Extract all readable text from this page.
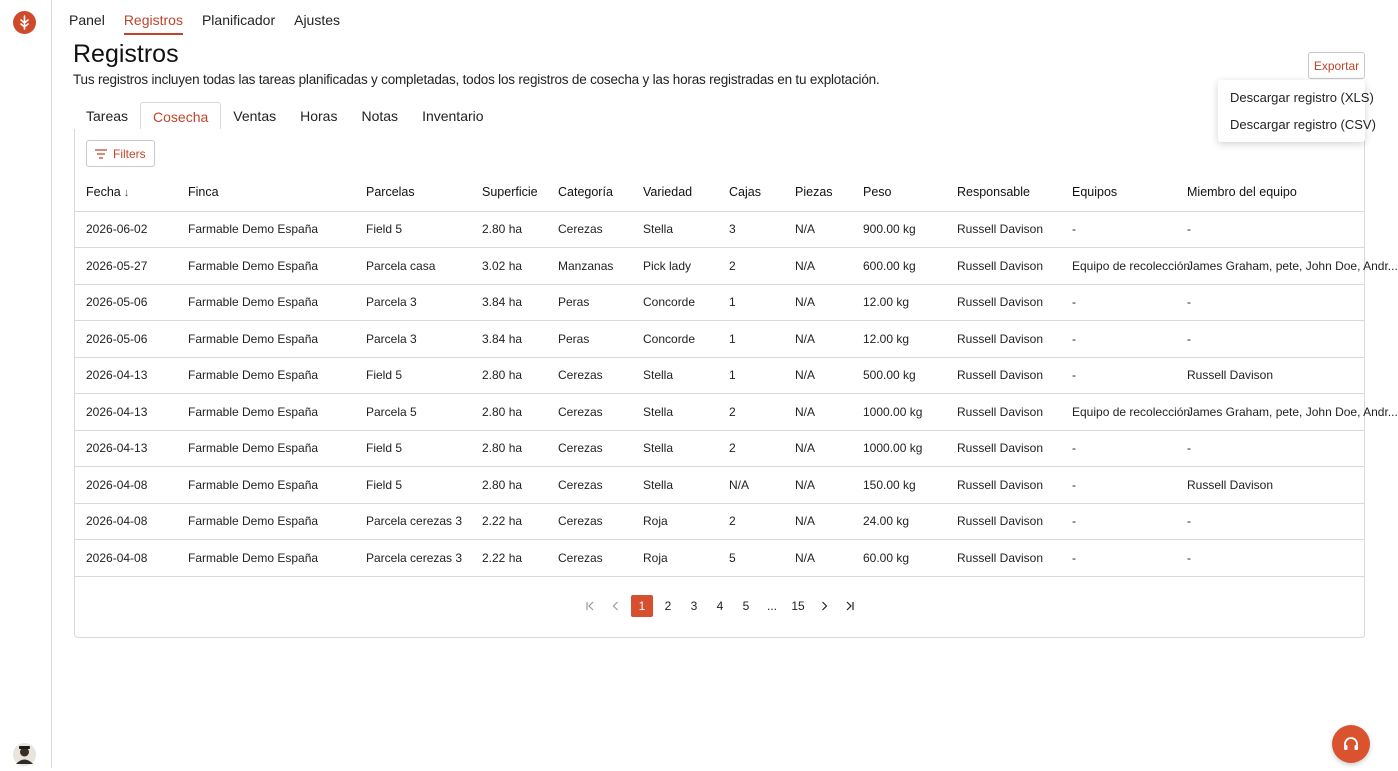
Panel Registros Planificador Ajustes
Registros

Tus registros incluyen todas las tareas planificadas y completadas, todos los registros de cosecha y las horas registradas en tu explotación.

Exportar
Descargar registro (XLS)
Descargar registro (CSV)
Tareas	Cosecha	Ventas	Horas	Notas	Inventario
Filters
Fecha ↓	Finca	Parcelas	Superficie	Categoría	Variedad	Cajas	Piezas	Peso	Responsable	Equipos	Miembro del equipo
2026-06-02	Farmable Demo España	Field 5	2.80 ha	Cerezas	Stella	3	N/A	900.00 kg	Russell Davison	-	-
2026-05-27	Farmable Demo España	Parcela casa	3.02 ha	Manzanas	Pick lady	2	N/A	600.00 kg	Russell Davison	Equipo de recolección	James Graham, pete, John Doe, Andr...
2026-05-06	Farmable Demo España	Parcela 3	3.84 ha	Peras	Concorde	1	N/A	12.00 kg	Russell Davison	-	-
2026-05-06	Farmable Demo España	Parcela 3	3.84 ha	Peras	Concorde	1	N/A	12.00 kg	Russell Davison	-	-
2026-04-13	Farmable Demo España	Field 5	2.80 ha	Cerezas	Stella	1	N/A	500.00 kg	Russell Davison	-	Russell Davison
2026-04-13	Farmable Demo España	Parcela 5	2.80 ha	Cerezas	Stella	2	N/A	1000.00 kg	Russell Davison	Equipo de recolección	James Graham, pete, John Doe, Andr...
2026-04-13	Farmable Demo España	Field 5	2.80 ha	Cerezas	Stella	2	N/A	1000.00 kg	Russell Davison	-	-
2026-04-08	Farmable Demo España	Field 5	2.80 ha	Cerezas	Stella	N/A	N/A	150.00 kg	Russell Davison	-	Russell Davison
2026-04-08	Farmable Demo España	Parcela cerezas 3	2.22 ha	Cerezas	Roja	2	N/A	24.00 kg	Russell Davison	-	-
2026-04-08	Farmable Demo España	Parcela cerezas 3	2.22 ha	Cerezas	Roja	5	N/A	60.00 kg	Russell Davison	-	-
1	2	3	4	5	...	15
